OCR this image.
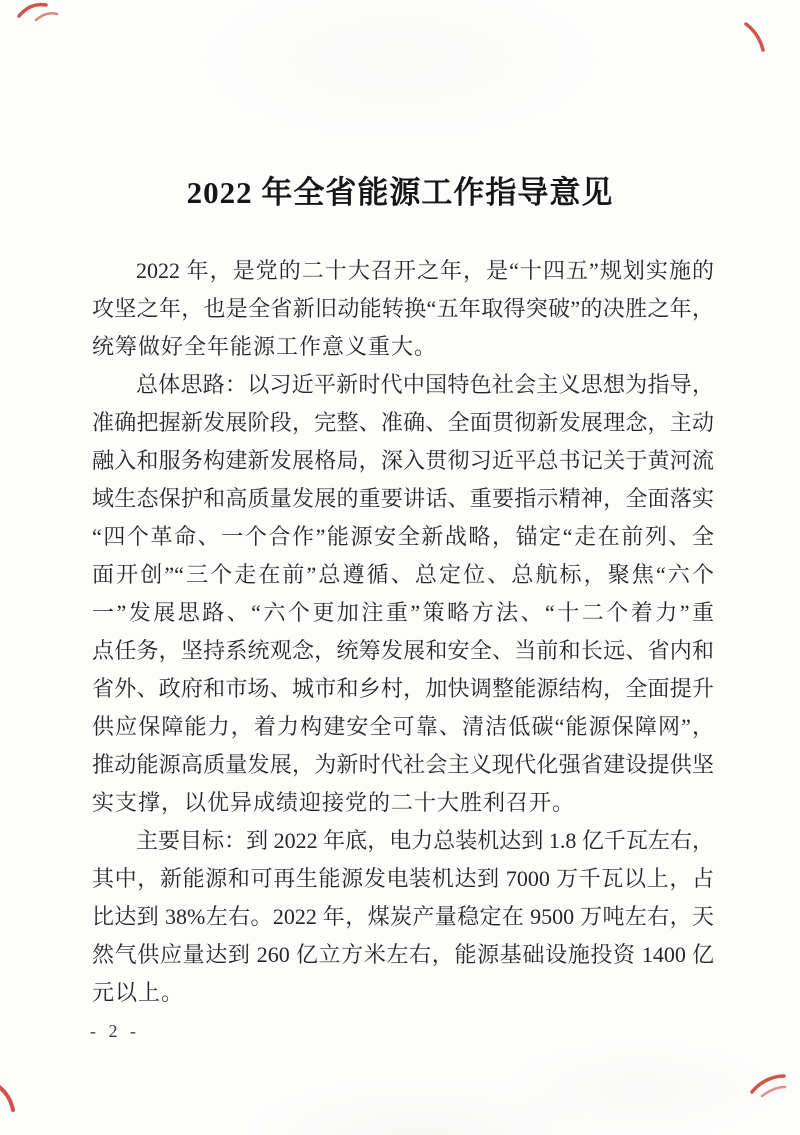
2022 年全省能源工作指导意见
2022 年，是党的二十大召开之年，是“十四五”规划实施的
攻坚之年，也是全省新旧动能转换“五年取得突破”的决胜之年，
统筹做好全年能源工作意义重大。
总体思路：以习近平新时代中国特色社会主义思想为指导，
准确把握新发展阶段，完整、准确、全面贯彻新发展理念，主动
融入和服务构建新发展格局，深入贯彻习近平总书记关于黄河流
域生态保护和高质量发展的重要讲话、重要指示精神，全面落实
“四个革命、一个合作”能源安全新战略，锚定“走在前列、全
面开创”“三个走在前”总遵循、总定位、总航标，聚焦“六个
一”发展思路、“六个更加注重”策略方法、“十二个着力”重
点任务，坚持系统观念，统筹发展和安全、当前和长远、省内和
省外、政府和市场、城市和乡村，加快调整能源结构，全面提升
供应保障能力，着力构建安全可靠、清洁低碳“能源保障网”，
推动能源高质量发展，为新时代社会主义现代化强省建设提供坚
实支撑，以优异成绩迎接党的二十大胜利召开。
主要目标：到 2022 年底，电力总装机达到 1.8 亿千瓦左右，
其中，新能源和可再生能源发电装机达到 7000 万千瓦以上，占
比达到 38%左右。2022 年，煤炭产量稳定在 9500 万吨左右，天
然气供应量达到 260 亿立方米左右，能源基础设施投资 1400 亿
元以上。
- 2 -
